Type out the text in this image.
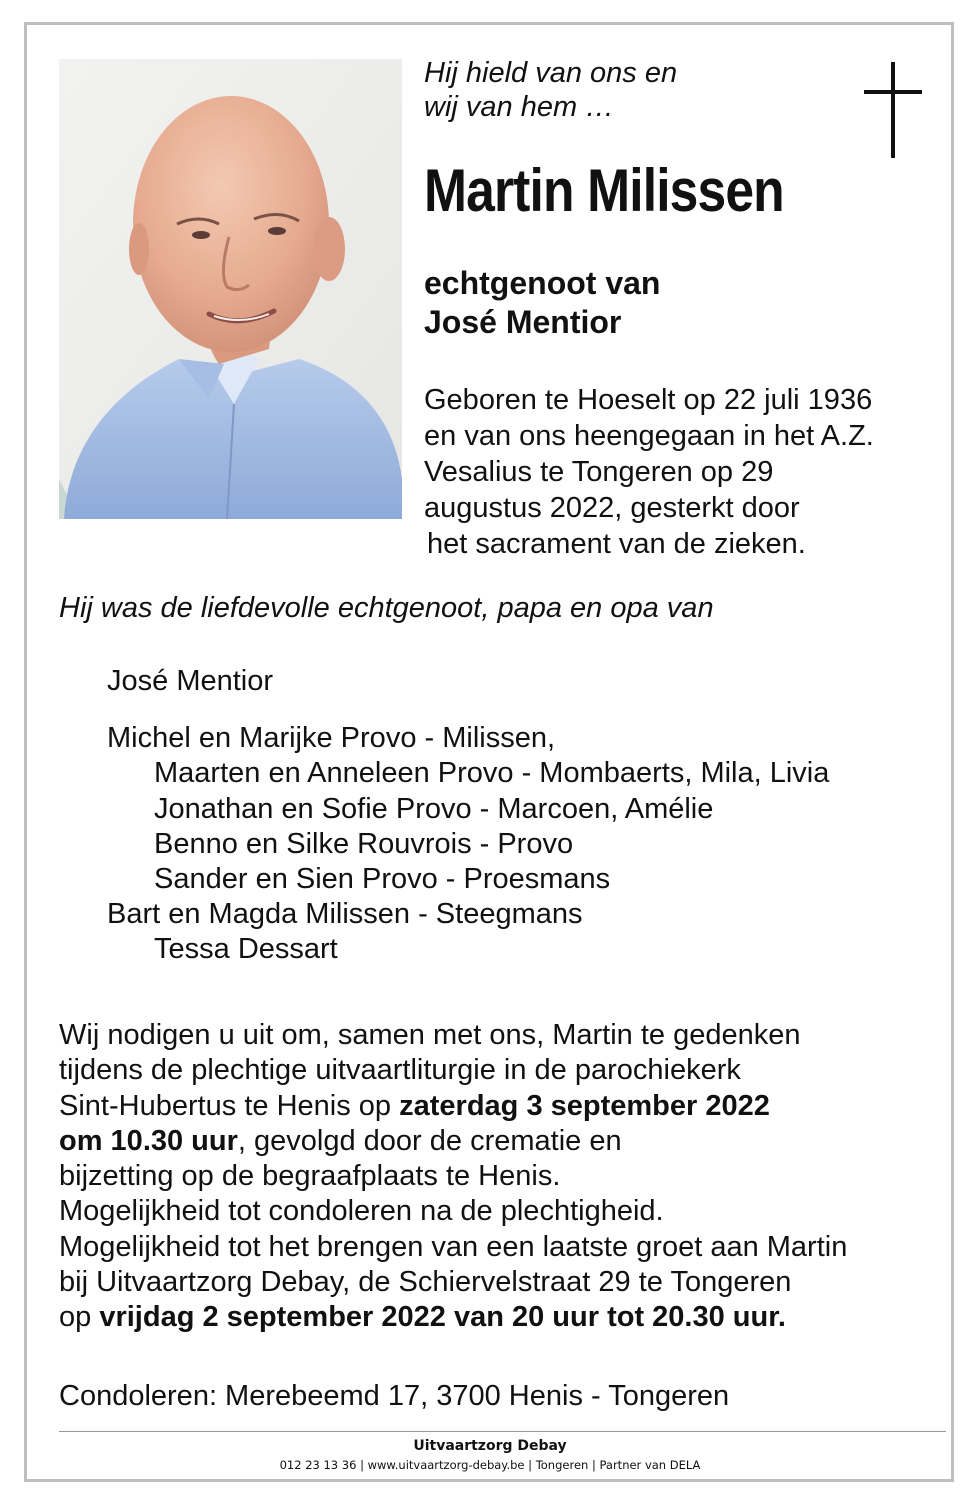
Hij hield van ons en
wij van hem …
Martin Milissen
echtgenoot van
José Mentior
Geboren te Hoeselt op 22 juli 1936
en van ons heengegaan in het A.Z.
Vesalius te Tongeren op 29
augustus 2022, gesterkt door
het sacrament van de zieken.
Hij was de liefdevolle echtgenoot, papa en opa van
José Mentior
Michel en Marijke Provo - Milissen,
Maarten en Anneleen Provo - Mombaerts, Mila, Livia
Jonathan en Sofie Provo - Marcoen, Amélie
Benno en Silke Rouvrois - Provo
Sander en Sien Provo - Proesmans
Bart en Magda Milissen - Steegmans
Tessa Dessart
Wij nodigen u uit om, samen met ons, Martin te gedenken
tijdens de plechtige uitvaartliturgie in de parochiekerk
Sint-Hubertus te Henis op zaterdag 3 september 2022
om 10.30 uur, gevolgd door de crematie en
bijzetting op de begraafplaats te Henis.
Mogelijkheid tot condoleren na de plechtigheid.
Mogelijkheid tot het brengen van een laatste groet aan Martin
bij Uitvaartzorg Debay, de Schiervelstraat 29 te Tongeren
op vrijdag 2 september 2022 van 20 uur tot 20.30 uur.
Condoleren: Merebeemd 17, 3700 Henis - Tongeren
Uitvaartzorg Debay
012 23 13 36 | www.uitvaartzorg-debay.be | Tongeren | Partner van DELA
